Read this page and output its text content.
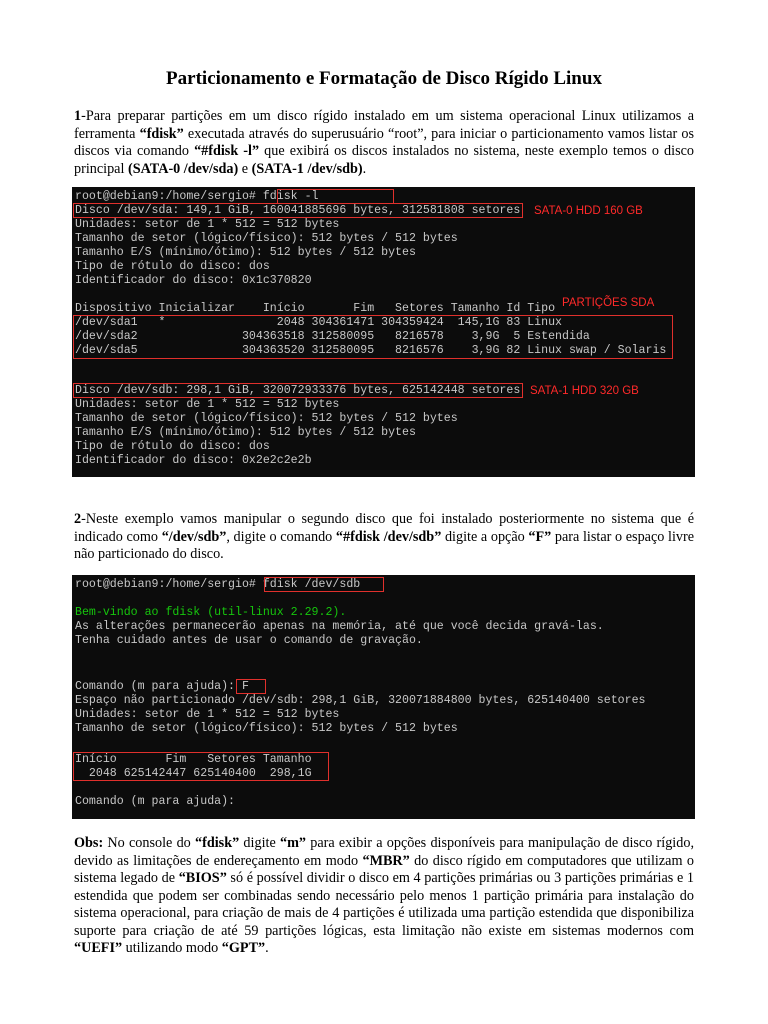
Particionamento e Formatação de Disco Rígido Linux
1-Para preparar partições em um disco rígido instalado em um sistema operacional Linux utilizamos a ferramenta “fdisk” executada através do superusuário “root”, para iniciar o particionamento vamos listar os discos via comando “#fdisk -l” que exibirá os discos instalados no sistema, neste exemplo temos o disco principal (SATA-0 /dev/sda) e (SATA-1 /dev/sdb).
root@debian9:/home/sergio# fdisk -l
Disco /dev/sda: 149,1 GiB, 160041885696 bytes, 312581808 setores
Unidades: setor de 1 * 512 = 512 bytes
Tamanho de setor (lógico/físico): 512 bytes / 512 bytes
Tamanho E/S (mínimo/ótimo): 512 bytes / 512 bytes
Tipo de rótulo do disco: dos
Identificador do disco: 0x1c370820
Dispositivo Inicializar    Início       Fim   Setores Tamanho Id Tipo
/dev/sda1   *                2048 304361471 304359424  145,1G 83 Linux
/dev/sda2               304363518 312580095   8216578    3,9G  5 Estendida
/dev/sda5               304363520 312580095   8216576    3,9G 82 Linux swap / Solaris
Disco /dev/sdb: 298,1 GiB, 320072933376 bytes, 625142448 setores
Unidades: setor de 1 * 512 = 512 bytes
Tamanho de setor (lógico/físico): 512 bytes / 512 bytes
Tamanho E/S (mínimo/ótimo): 512 bytes / 512 bytes
Tipo de rótulo do disco: dos
Identificador do disco: 0x2e2c2e2b
SATA-0 HDD 160 GB
PARTIÇÕES SDA
SATA-1 HDD 320 GB
2-Neste exemplo vamos manipular o segundo disco que foi instalado posteriormente no sistema que é indicado como “/dev/sdb”, digite o comando “#fdisk /dev/sdb” digite a opção “F” para listar o espaço livre não particionado do disco.
root@debian9:/home/sergio# fdisk /dev/sdb
Bem-vindo ao fdisk (util-linux 2.29.2).
As alterações permanecerão apenas na memória, até que você decida gravá-las.
Tenha cuidado antes de usar o comando de gravação.
Comando (m para ajuda): F
Espaço não particionado /dev/sdb: 298,1 GiB, 320071884800 bytes, 625140400 setores
Unidades: setor de 1 * 512 = 512 bytes
Tamanho de setor (lógico/físico): 512 bytes / 512 bytes
Início       Fim   Setores Tamanho
2048 625142447 625140400  298,1G
Comando (m para ajuda):
Obs: No console do “fdisk” digite “m” para exibir a opções disponíveis para manipulação de disco rígido, devido as limitações de endereçamento em modo “MBR” do disco rígido em computadores que utilizam o sistema legado de “BIOS” só é possível dividir o disco em 4 partições primárias ou 3 partições primárias e 1 estendida que podem ser combinadas sendo necessário pelo menos 1 partição primária para instalação do sistema operacional, para criação de mais de 4 partições é utilizada uma partição estendida que disponibiliza suporte para criação de até 59 partições lógicas, esta limitação não existe em sistemas modernos com “UEFI” utilizando modo “GPT”.
